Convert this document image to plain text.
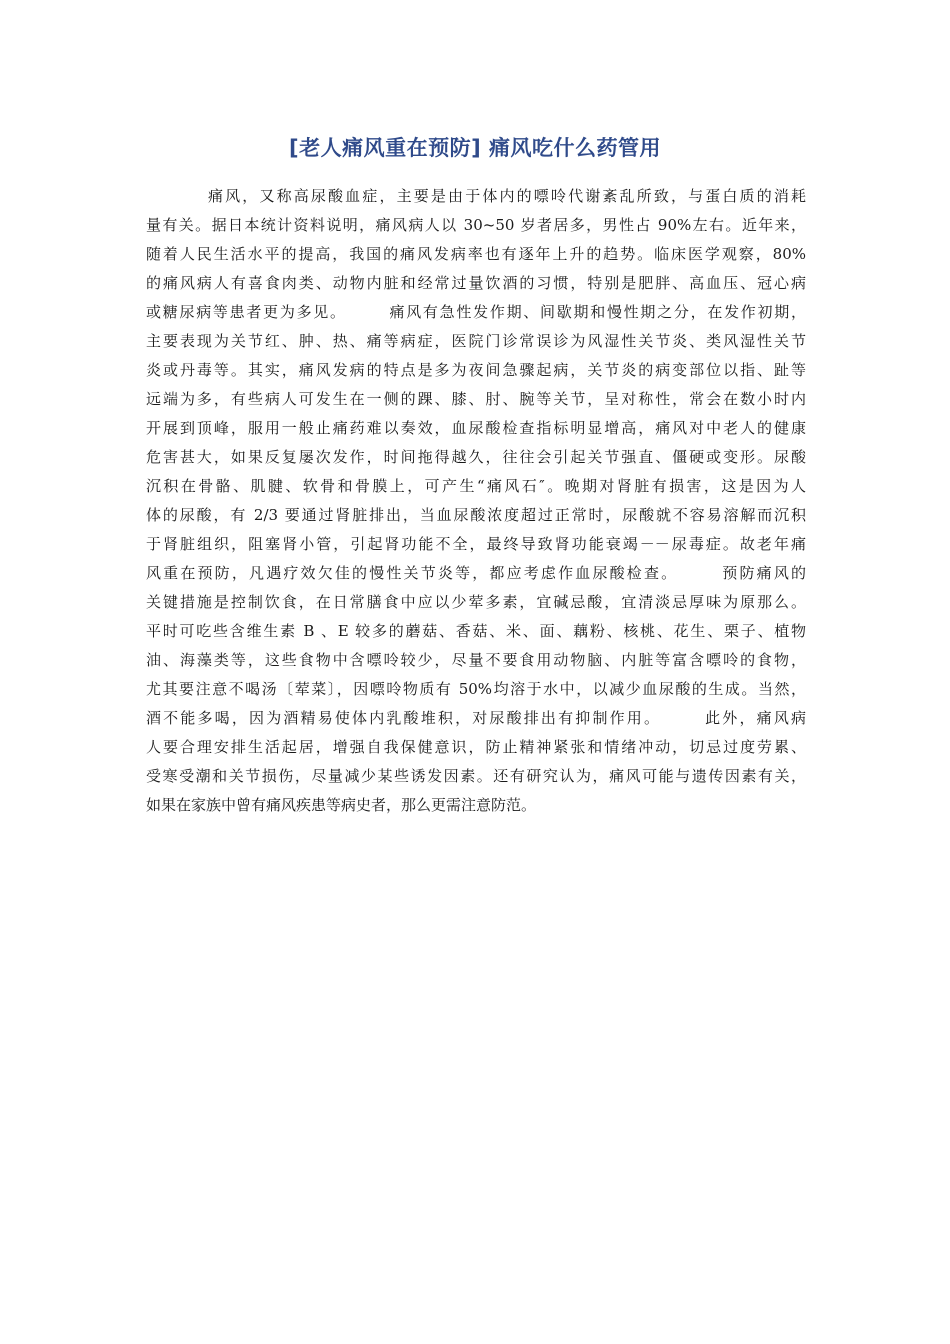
[老人痛风重在预防] 痛风吃什么药管用
痛风，又称高尿酸血症，主要是由于体内的嘌呤代谢紊乱所致，与蛋白质的消耗
量有关。据日本统计资料说明，痛风病人以 30~50 岁者居多，男性占 90%左右。近年来，
随着人民生活水平的提高，我国的痛风发病率也有逐年上升的趋势。临床医学观察，80%
的痛风病人有喜食肉类、动物内脏和经常过量饮酒的习惯，特别是肥胖、高血压、冠心病
或糖尿病等患者更为多见。　　　痛风有急性发作期、间歇期和慢性期之分，在发作初期，
主要表现为关节红、肿、热、痛等病症，医院门诊常误诊为风湿性关节炎、类风湿性关节
炎或丹毒等。其实，痛风发病的特点是多为夜间急骤起病，关节炎的病变部位以指、趾等
远端为多，有些病人可发生在一侧的踝、膝、肘、腕等关节，呈对称性，常会在数小时内
开展到顶峰，服用一般止痛药难以奏效，血尿酸检查指标明显增高，痛风对中老人的健康
危害甚大，如果反复屡次发作，时间拖得越久，往往会引起关节强直、僵硬或变形。尿酸
沉积在骨骼、肌腱、软骨和骨膜上，可产生“痛风石″。晚期对肾脏有损害，这是因为人
体的尿酸，有 2/3 要通过肾脏排出，当血尿酸浓度超过正常时，尿酸就不容易溶解而沉积
于肾脏组织，阻塞肾小管，引起肾功能不全，最终导致肾功能衰竭－－尿毒症。故老年痛
风重在预防，凡遇疗效欠佳的慢性关节炎等，都应考虑作血尿酸检查。　　　预防痛风的
关键措施是控制饮食，在日常膳食中应以少荤多素，宜碱忌酸，宜清淡忌厚味为原那么。
平时可吃些含维生素 B 、E 较多的蘑菇、香菇、米、面、藕粉、核桃、花生、栗子、植物
油、海藻类等，这些食物中含嘌呤较少，尽量不要食用动物脑、内脏等富含嘌呤的食物，
尤其要注意不喝汤〔荤菜〕，因嘌呤物质有 50%均溶于水中，以减少血尿酸的生成。当然，
酒不能多喝，因为酒精易使体内乳酸堆积，对尿酸排出有抑制作用。　　　此外，痛风病
人要合理安排生活起居，增强自我保健意识，防止精神紧张和情绪冲动，切忌过度劳累、
受寒受潮和关节损伤，尽量减少某些诱发因素。还有研究认为，痛风可能与遗传因素有关，
如果在家族中曾有痛风疾患等病史者，那么更需注意防范。
